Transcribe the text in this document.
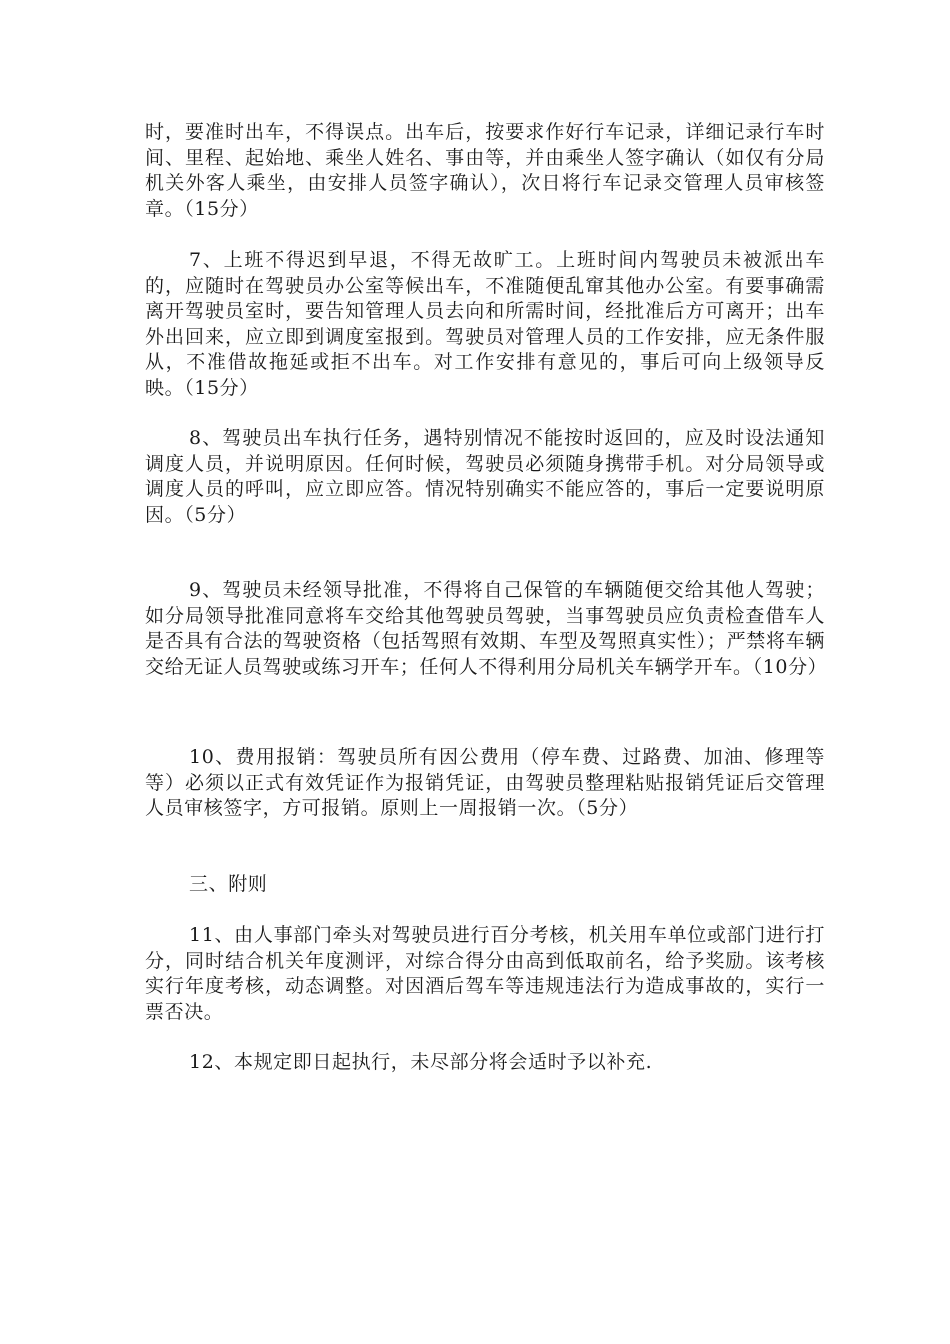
时，要准时出车，不得误点。出车后，按要求作好行车记录，详细记录行车时间、里程、起始地、乘坐人姓名、事由等，并由乘坐人签字确认（如仅有分局机关外客人乘坐，由安排人员签字确认），次日将行车记录交管理人员审核签章。（15分）

7、上班不得迟到早退，不得无故旷工。上班时间内驾驶员未被派出车的，应随时在驾驶员办公室等候出车，不准随便乱窜其他办公室。有要事确需离开驾驶员室时，要告知管理人员去向和所需时间，经批准后方可离开；出车外出回来，应立即到调度室报到。驾驶员对管理人员的工作安排，应无条件服从，不准借故拖延或拒不出车。对工作安排有意见的，事后可向上级领导反映。（15分）

8、驾驶员出车执行任务，遇特别情况不能按时返回的，应及时设法通知调度人员，并说明原因。任何时候，驾驶员必须随身携带手机。对分局领导或调度人员的呼叫，应立即应答。情况特别确实不能应答的，事后一定要说明原因。（5分）

9、驾驶员未经领导批准，不得将自己保管的车辆随便交给其他人驾驶；如分局领导批准同意将车交给其他驾驶员驾驶，当事驾驶员应负责检查借车人是否具有合法的驾驶资格（包括驾照有效期、车型及驾照真实性）；严禁将车辆交给无证人员驾驶或练习开车；任何人不得利用分局机关车辆学开车。（10分）

10、费用报销：驾驶员所有因公费用（停车费、过路费、加油、修理等等）必须以正式有效凭证作为报销凭证，由驾驶员整理粘贴报销凭证后交管理人员审核签字，方可报销。原则上一周报销一次。（5分）

三、附则

11、由人事部门牵头对驾驶员进行百分考核，机关用车单位或部门进行打分，同时结合机关年度测评，对综合得分由高到低取前名，给予奖励。该考核实行年度考核，动态调整。对因酒后驾车等违规违法行为造成事故的，实行一票否决。

12、本规定即日起执行，未尽部分将会适时予以补充.
